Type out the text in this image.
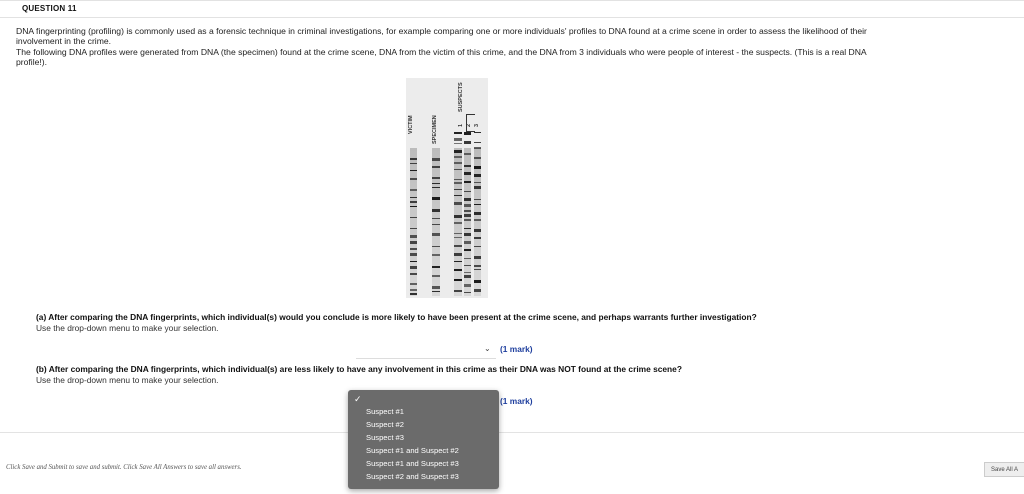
QUESTION 11

DNA fingerprinting (profiling) is commonly used as a forensic technique in criminal investigations, for example comparing one or more individuals' profiles to DNA found at a crime scene in order to assess the likelihood of their involvement in the crime.

The following DNA profiles were generated from DNA (the specimen) found at the crime scene, DNA from the victim of this crime, and the DNA from 3 individuals who were people of interest - the suspects. (This is a real DNA profile!).

VICTIM	SPECIMEN	1 2 3
SUSPECTS
(a) After comparing the DNA fingerprints, which individual(s) would you conclude is more likely to have been present at the crime scene, and perhaps warrants further investigation?
Use the drop-down menu to make your selection.
⌄ (1 mark)
(b) After comparing the DNA fingerprints, which individual(s) are less likely to have any involvement in this crime as their DNA was NOT found at the crime scene?
Use the drop-down menu to make your selection.
(1 mark)
Click Save and Submit to save and submit. Click Save All Answers to save all answers.	Save All A
✓
Suspect #1
Suspect #2
Suspect #3
Suspect #1 and Suspect #2
Suspect #1 and Suspect #3
Suspect #2 and Suspect #3
